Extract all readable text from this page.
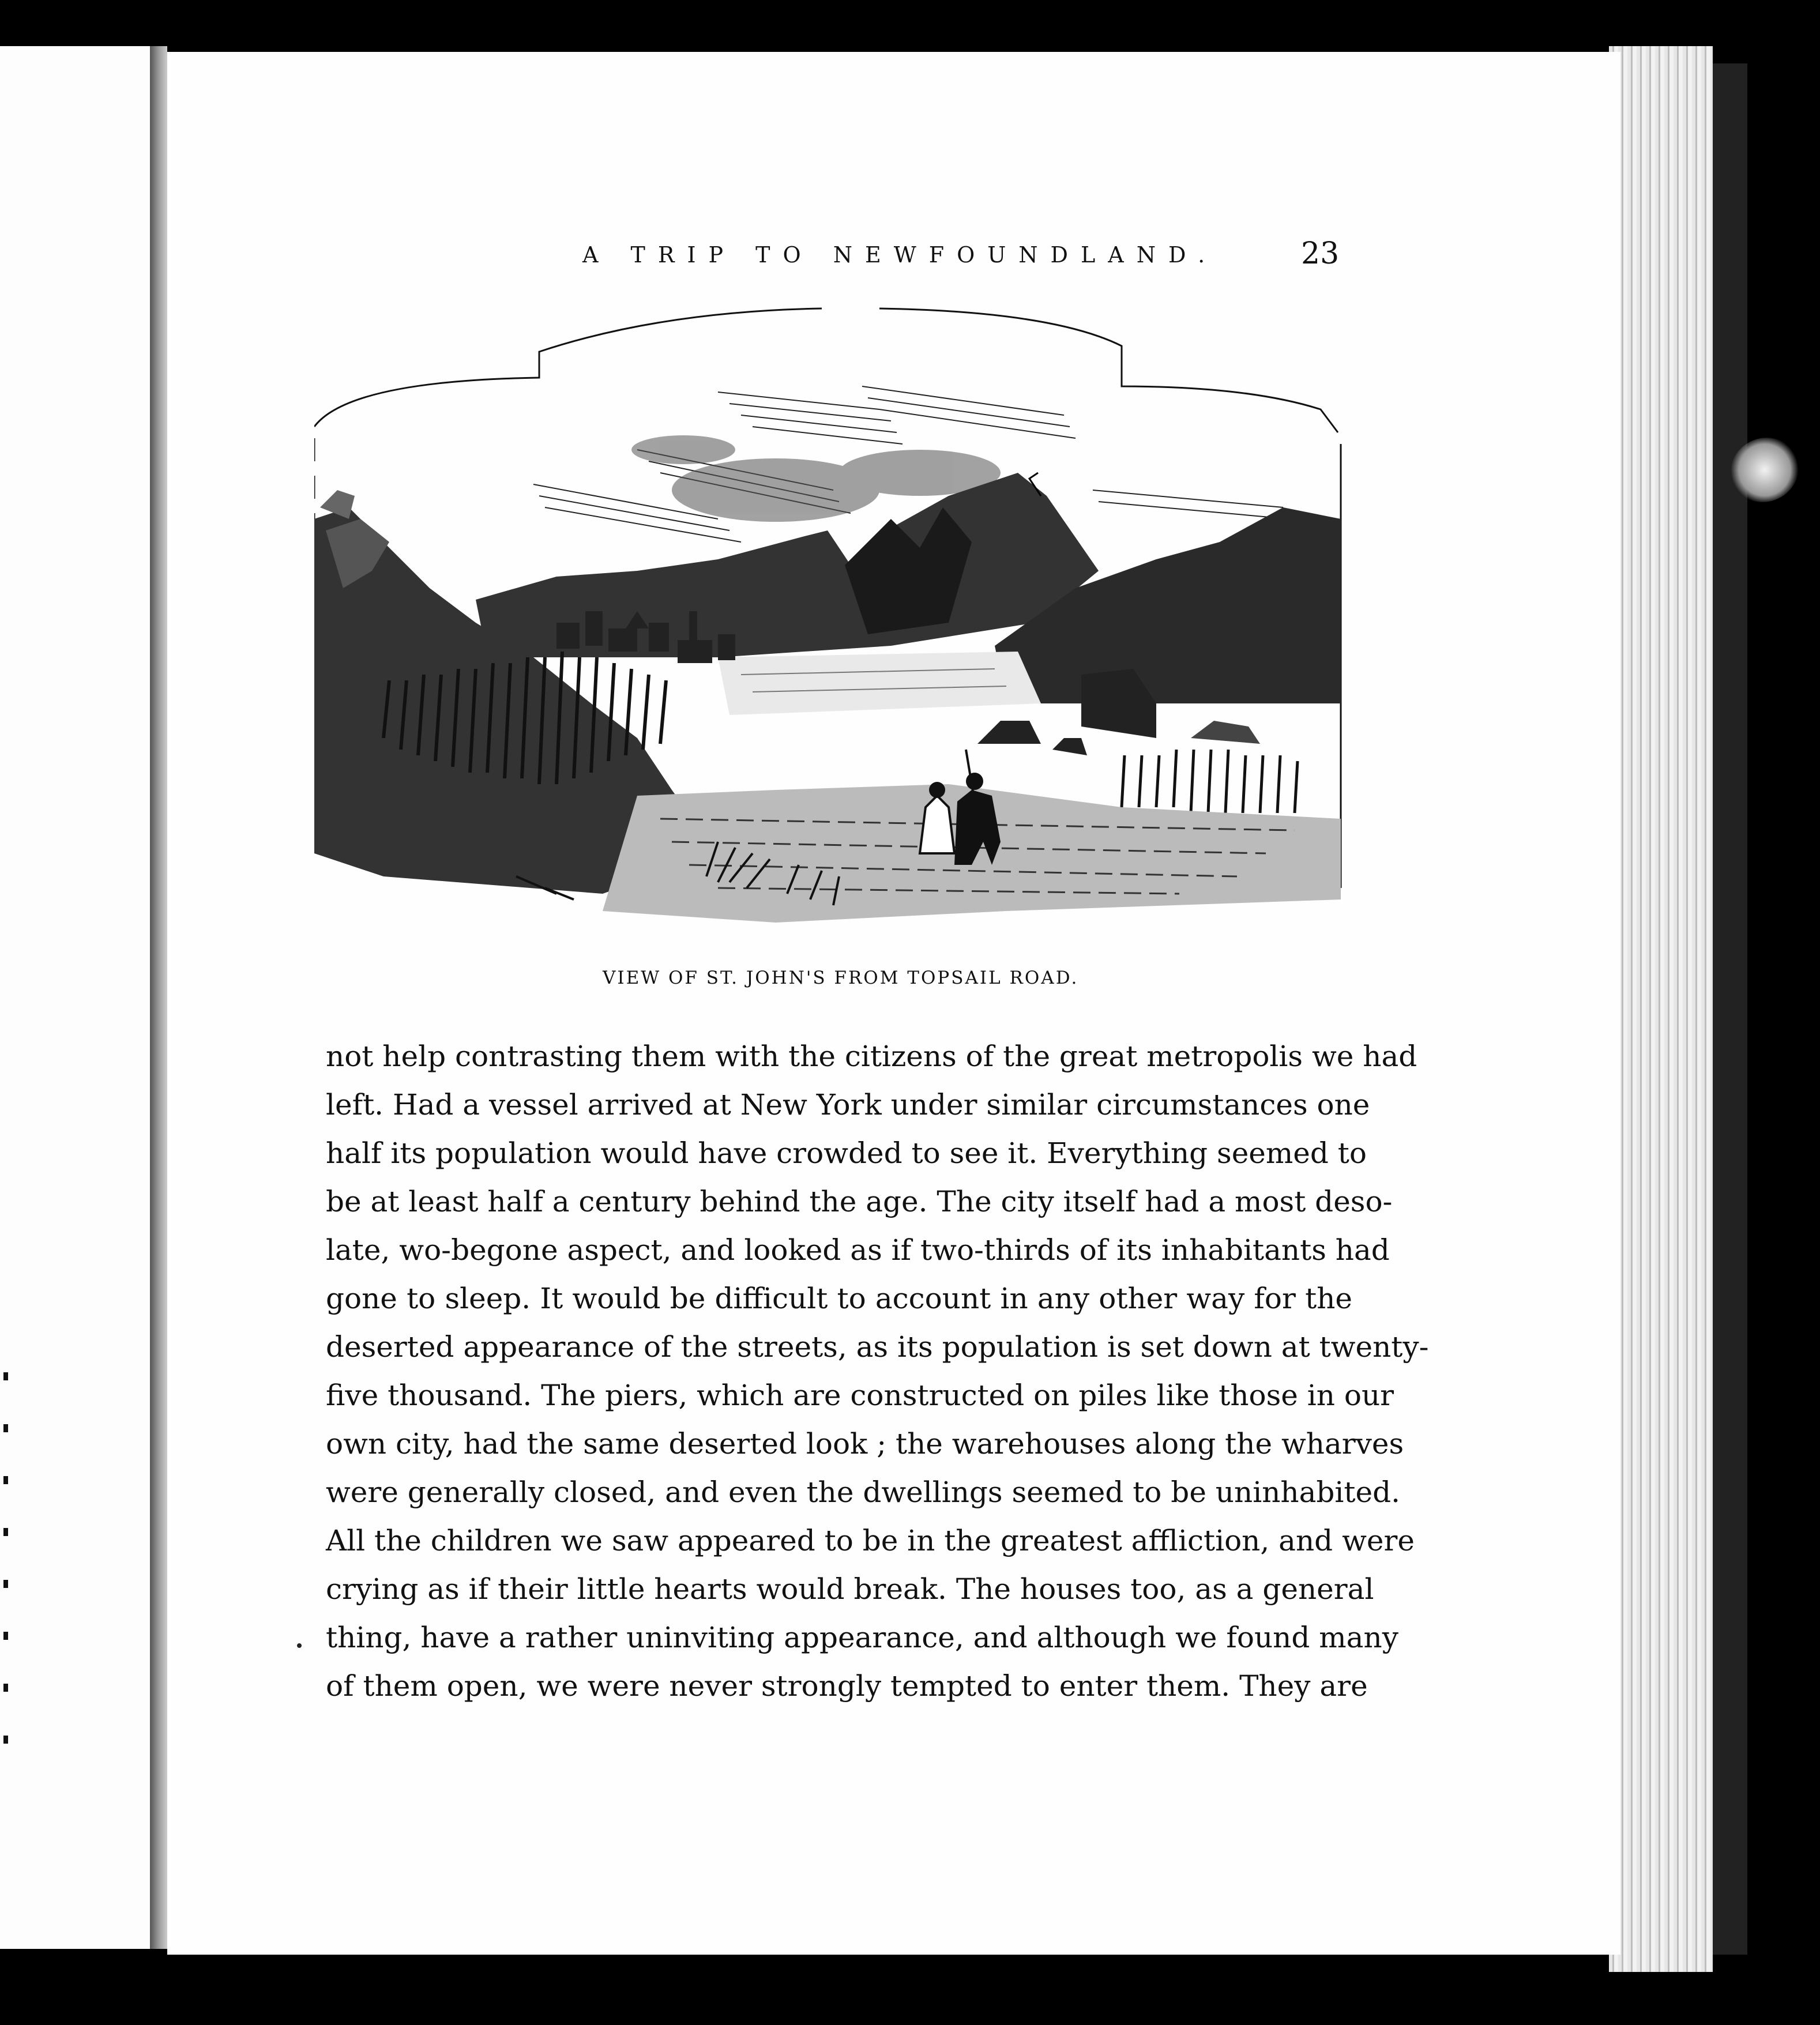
A TRIP TO NEWFOUNDLAND.	23
VIEW OF ST. JOHN'S FROM TOPSAIL ROAD.
not help contrasting them with the citizens of the great metropolis we had
left. Had a vessel arrived at New York under similar circumstances one
half its population would have crowded to see it. Everything seemed to
be at least half a century behind the age. The city itself had a most deso-
late, wo-begone aspect, and looked as if two-thirds of its inhabitants had
gone to sleep. It would be difficult to account in any other way for the
deserted appearance of the streets, as its population is set down at twenty-
five thousand. The piers, which are constructed on piles like those in our
own city, had the same deserted look ; the warehouses along the wharves
were generally closed, and even the dwellings seemed to be uninhabited.
All the children we saw appeared to be in the greatest affliction, and were
crying as if their little hearts would break. The houses too, as a general
thing, have a rather uninviting appearance, and although we found many
of them open, we were never strongly tempted to enter them. They are
